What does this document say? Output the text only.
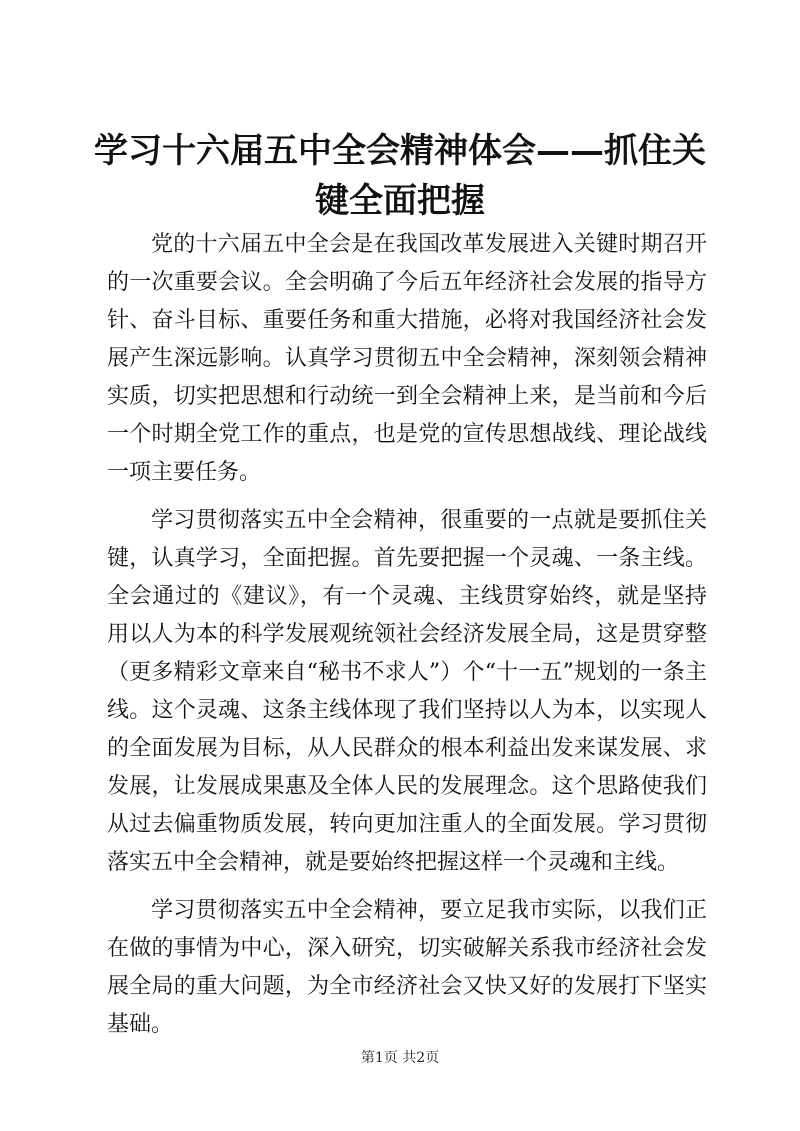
学习十六届五中全会精神体会——抓住关键全面把握

党的十六届五中全会是在我国改革发展进入关键时期召开的一次重要会议。全会明确了今后五年经济社会发展的指导方针、奋斗目标、重要任务和重大措施，必将对我国经济社会发展产生深远影响。认真学习贯彻五中全会精神，深刻领会精神实质，切实把思想和行动统一到全会精神上来，是当前和今后一个时期全党工作的重点，也是党的宣传思想战线、理论战线一项主要任务。

学习贯彻落实五中全会精神，很重要的一点就是要抓住关键，认真学习，全面把握。首先要把握一个灵魂、一条主线。全会通过的《建议》，有一个灵魂、主线贯穿始终，就是坚持用以人为本的科学发展观统领社会经济发展全局，这是贯穿整（更多精彩文章来自“秘书不求人”）个“十一五”规划的一条主线。这个灵魂、这条主线体现了我们坚持以人为本，以实现人的全面发展为目标，从人民群众的根本利益出发来谋发展、求发展，让发展成果惠及全体人民的发展理念。这个思路使我们从过去偏重物质发展，转向更加注重人的全面发展。学习贯彻落实五中全会精神，就是要始终把握这样一个灵魂和主线。

学习贯彻落实五中全会精神，要立足我市实际，以我们正在做的事情为中心，深入研究，切实破解关系我市经济社会发展全局的重大问题，为全市经济社会又快又好的发展打下坚实基础。

第1页 共2页
